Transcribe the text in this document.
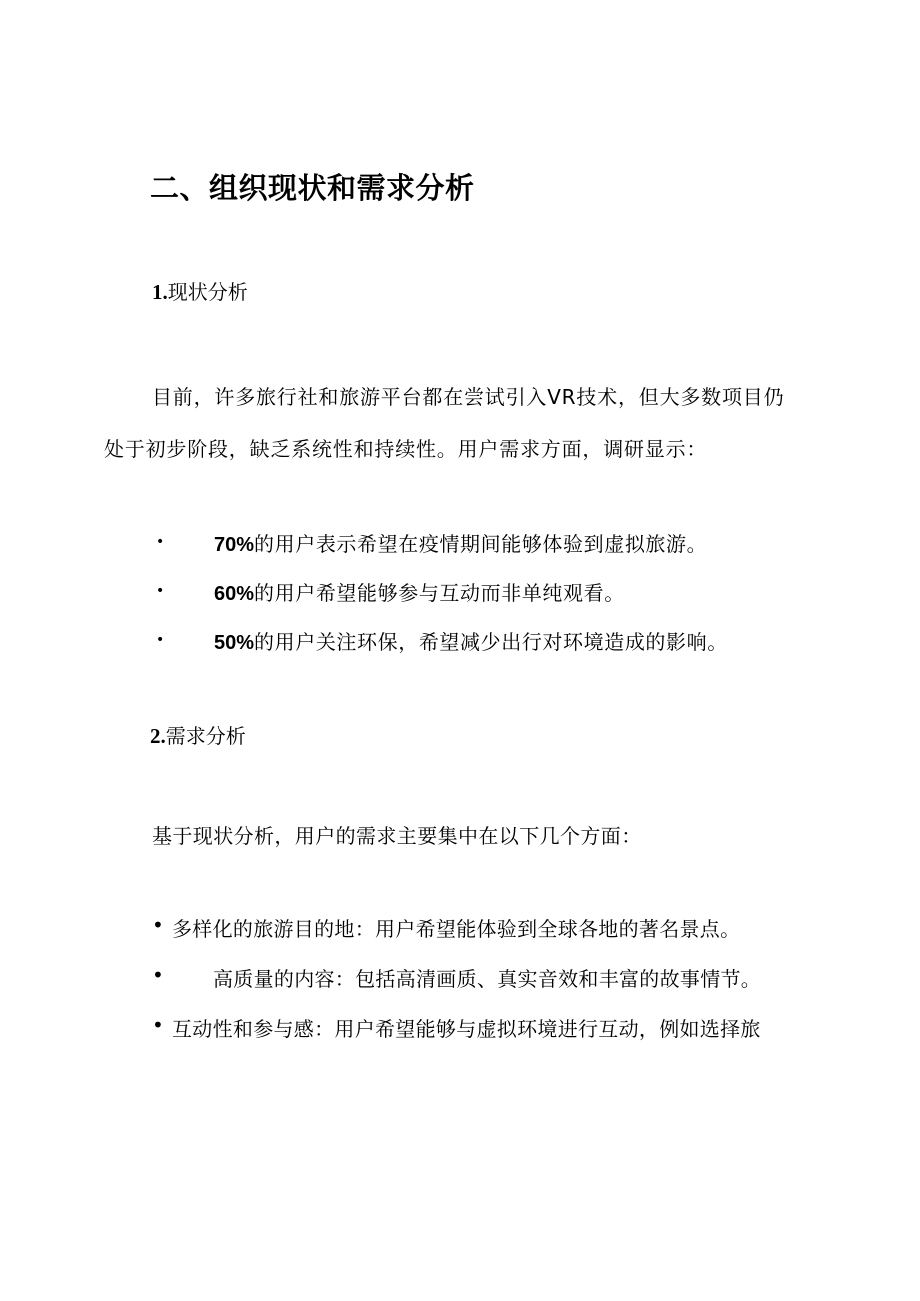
二、组织现状和需求分析
1.现状分析
目前，许多旅行社和旅游平台都在尝试引入VR技术，但大多数项目仍
处于初步阶段，缺乏系统性和持续性。用户需求方面，调研显示：
• 70%的用户表示希望在疫情期间能够体验到虚拟旅游。
• 60%的用户希望能够参与互动而非单纯观看。
• 50%的用户关注环保，希望减少出行对环境造成的影响。
2.需求分析
基于现状分析，用户的需求主要集中在以下几个方面：
• 多样化的旅游目的地：用户希望能体验到全球各地的著名景点。
• 高质量的内容：包括高清画质、真实音效和丰富的故事情节。
• 互动性和参与感：用户希望能够与虚拟环境进行互动，例如选择旅
